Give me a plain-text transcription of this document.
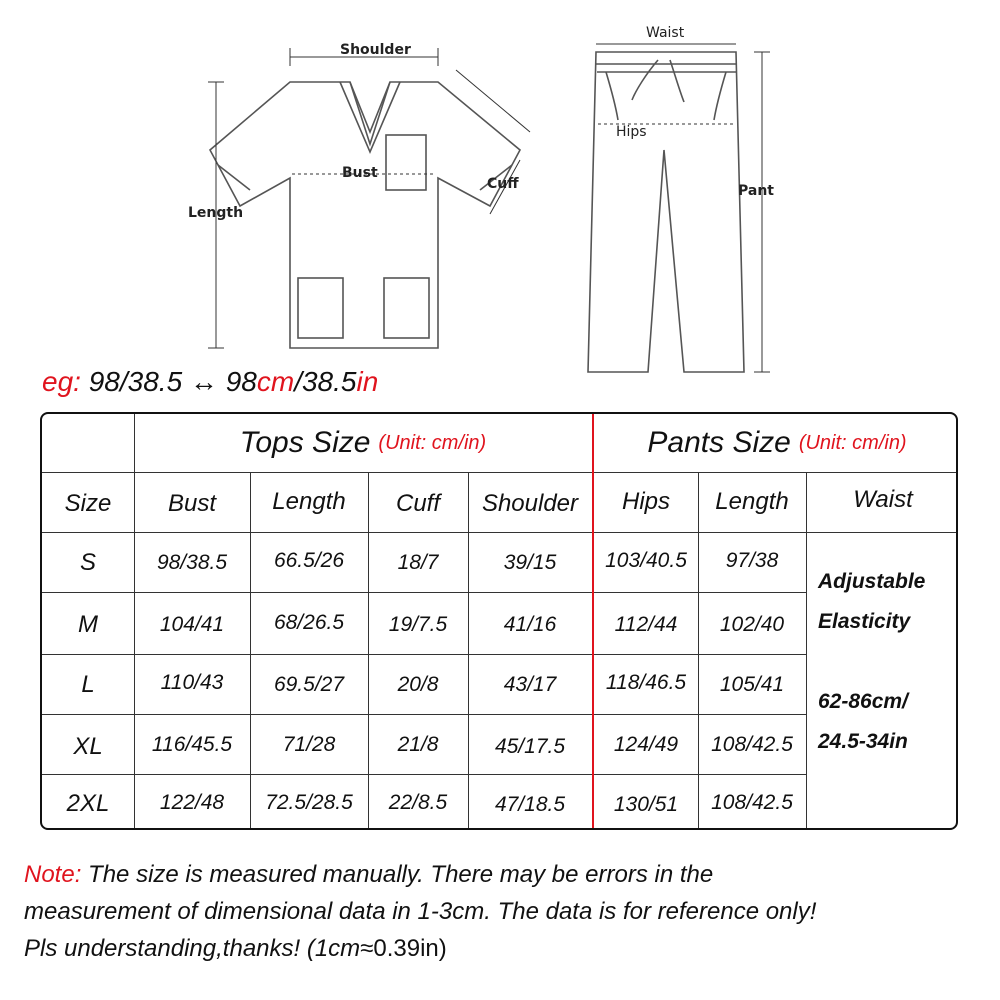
Shoulder
Bust
Cuff
Length
Waist
Hips
Pant
eg: 98/38.5 ↔ 98cm/38.5in
Tops Size (Unit: cm/in)	Pants Size (Unit: cm/in)
Size	Bust	Length	Cuff	Shoulder	Hips	Length	Waist
S	98/38.5	66.5/26	18/7	39/15	103/40.5	97/38
M	104/41	68/26.5	19/7.5	41/16	112/44	102/40
L	110/43	69.5/27	20/8	43/17	118/46.5	105/41
XL	116/45.5	71/28	21/8	45/17.5	124/49	108/42.5
2XL	122/48	72.5/28.5	22/8.5	47/18.5	130/51	108/42.5
Adjustable
Elasticity
62-86cm/
24.5-34in
Note: The size is measured manually. There may be errors in the
measurement of dimensional data in 1-3cm. The data is for reference only!
Pls understanding,thanks! (1cm≈0.39in)
